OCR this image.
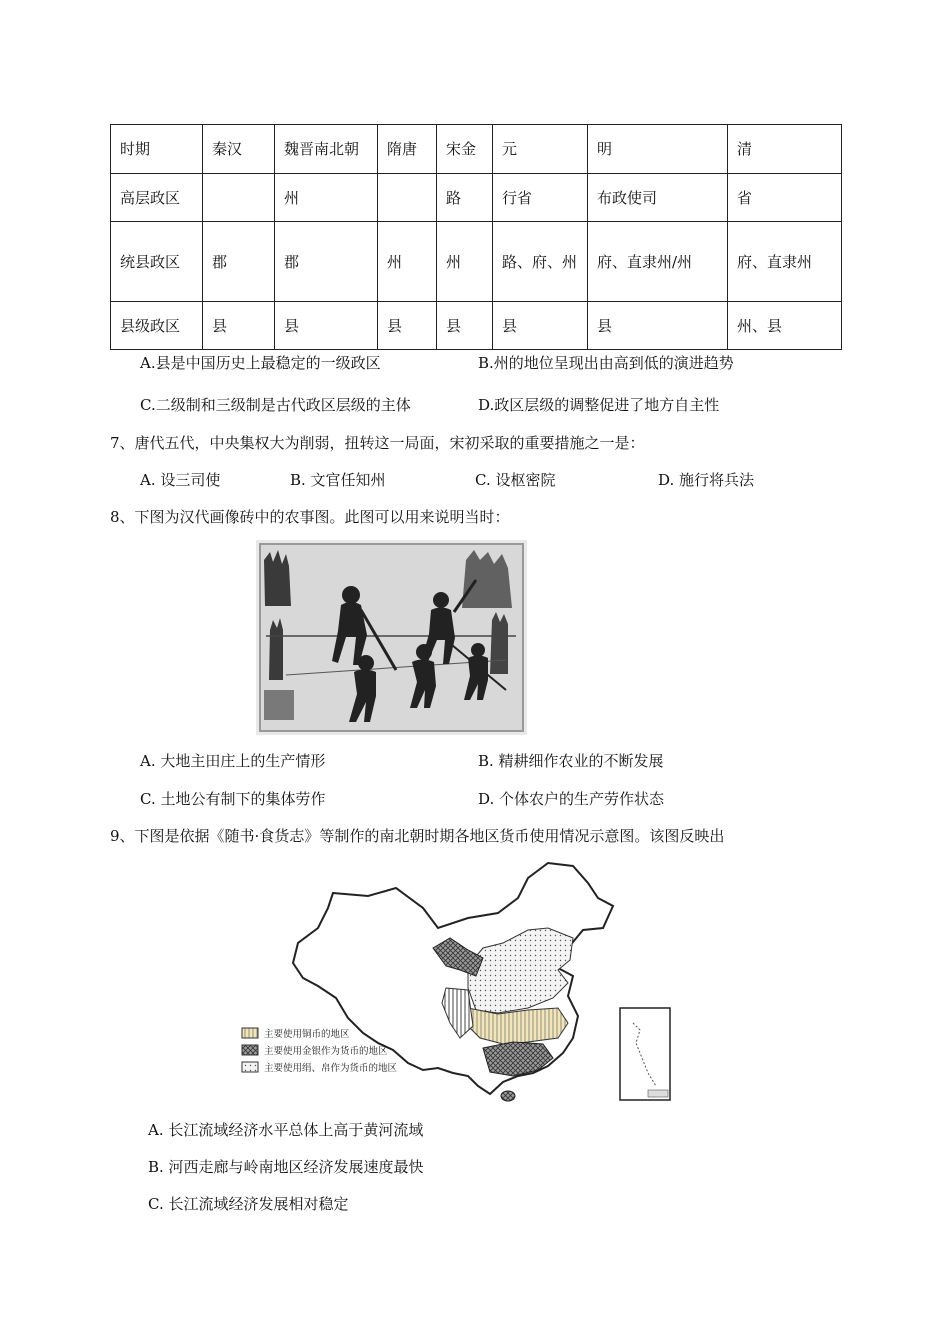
时期	秦汉	魏晋南北朝	隋唐	宋金	元	明	清
高层政区		州		路	行省	布政使司	省
统县政区	郡	郡	州	州	路、府、州	府、直隶州/州	府、直隶州
县级政区	县	县	县	县	县	县	州、县
A.县是中国历史上最稳定的一级政区	B.州的地位呈现出由高到低的演进趋势
C.二级制和三级制是古代政区层级的主体	D.政区层级的调整促进了地方自主性
7、唐代五代，中央集权大为削弱，扭转这一局面，宋初采取的重要措施之一是：
A. 设三司使	B. 文官任知州	C. 设枢密院	D. 施行将兵法
8、下图为汉代画像砖中的农事图。此图可以用来说明当时：
A. 大地主田庄上的生产情形	B. 精耕细作农业的不断发展
C. 土地公有制下的集体劳作	D. 个体农户的生产劳作状态
9、下图是依据《随书·食货志》等制作的南北朝时期各地区货币使用情况示意图。该图反映出
主要使用铜币的地区
主要使用金银作为货币的地区
主要使用绢、帛作为货币的地区
A. 长江流域经济水平总体上高于黄河流域
B. 河西走廊与岭南地区经济发展速度最快
C. 长江流域经济发展相对稳定
